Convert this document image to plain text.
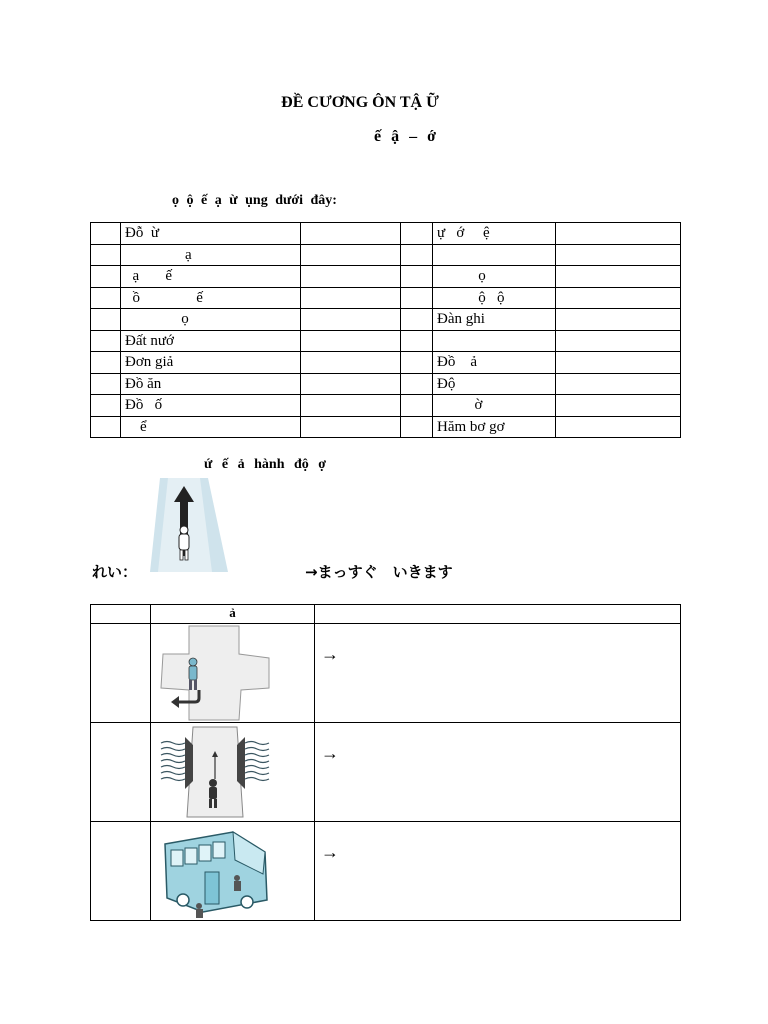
ĐỀ CƯƠNG ÔN TẬ Ữ
ế ậ – ớ
ọ ộ ế ạ ừ ụng dưới đây:
	Đỗ  ừ			ự   ớ     ệ	
	ạ				
	ạ       ế			ọ	
	ồ               ế			ộ   ộ	
	ọ			Đàn ghi	
	Đất nướ				
	Đơn giả			Đồ    ả	
	Đồ ăn			Độ	
	Đồ   ố			ờ	
	ể			Hăm bơ gơ	
ứ ế ả hành độ ợ
れい：	→まっすぐ　いきます
	ả	

→

→

→
